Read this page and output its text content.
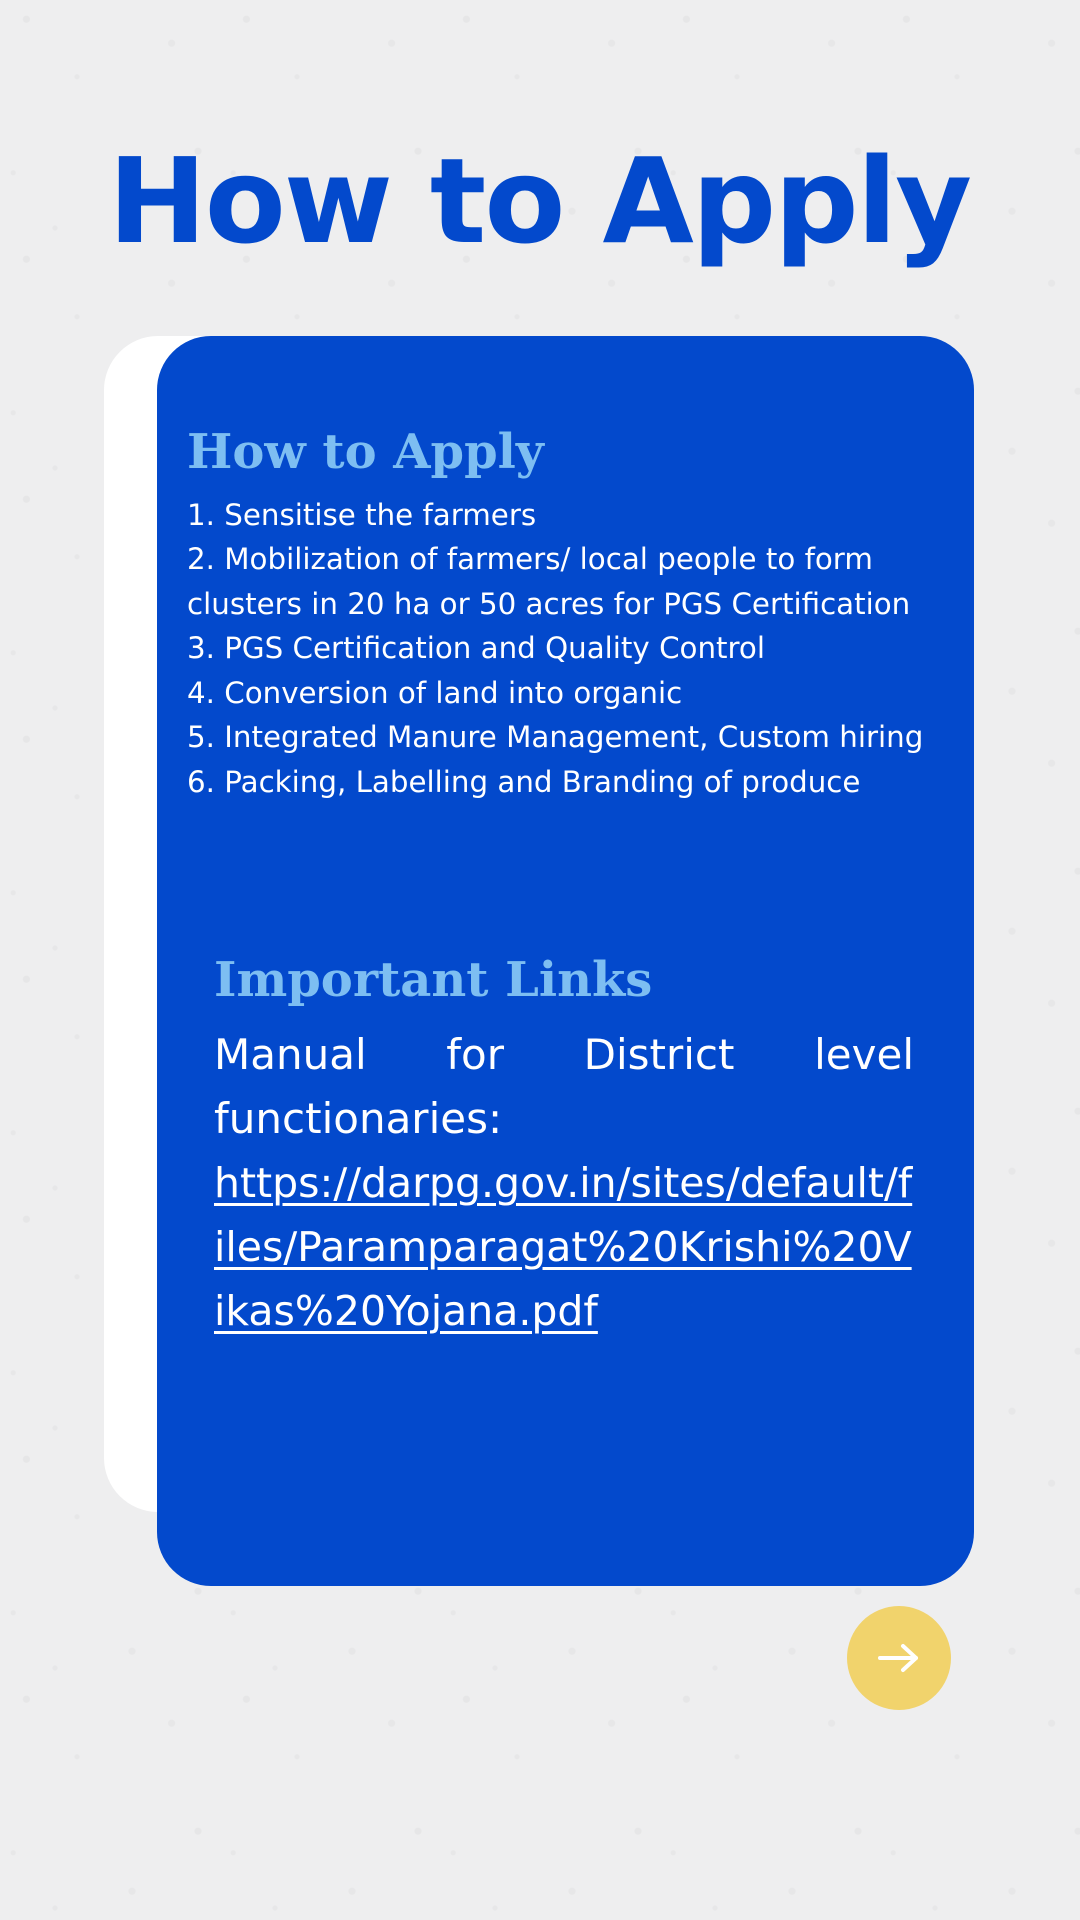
How to Apply
How to Apply
1. Sensitise the farmers
2. Mobilization of farmers/ local people to form clusters in 20 ha or 50 acres for PGS Certification
3. PGS Certification and Quality Control
4. Conversion of land into organic
5. Integrated Manure Management, Custom hiring
6. Packing, Labelling and Branding of produce
Important Links
Manual for District level functionaries:
https://darpg.gov.in/sites/default/files/Paramparagat%20Krishi%20Vikas%20Yojana.pdf
